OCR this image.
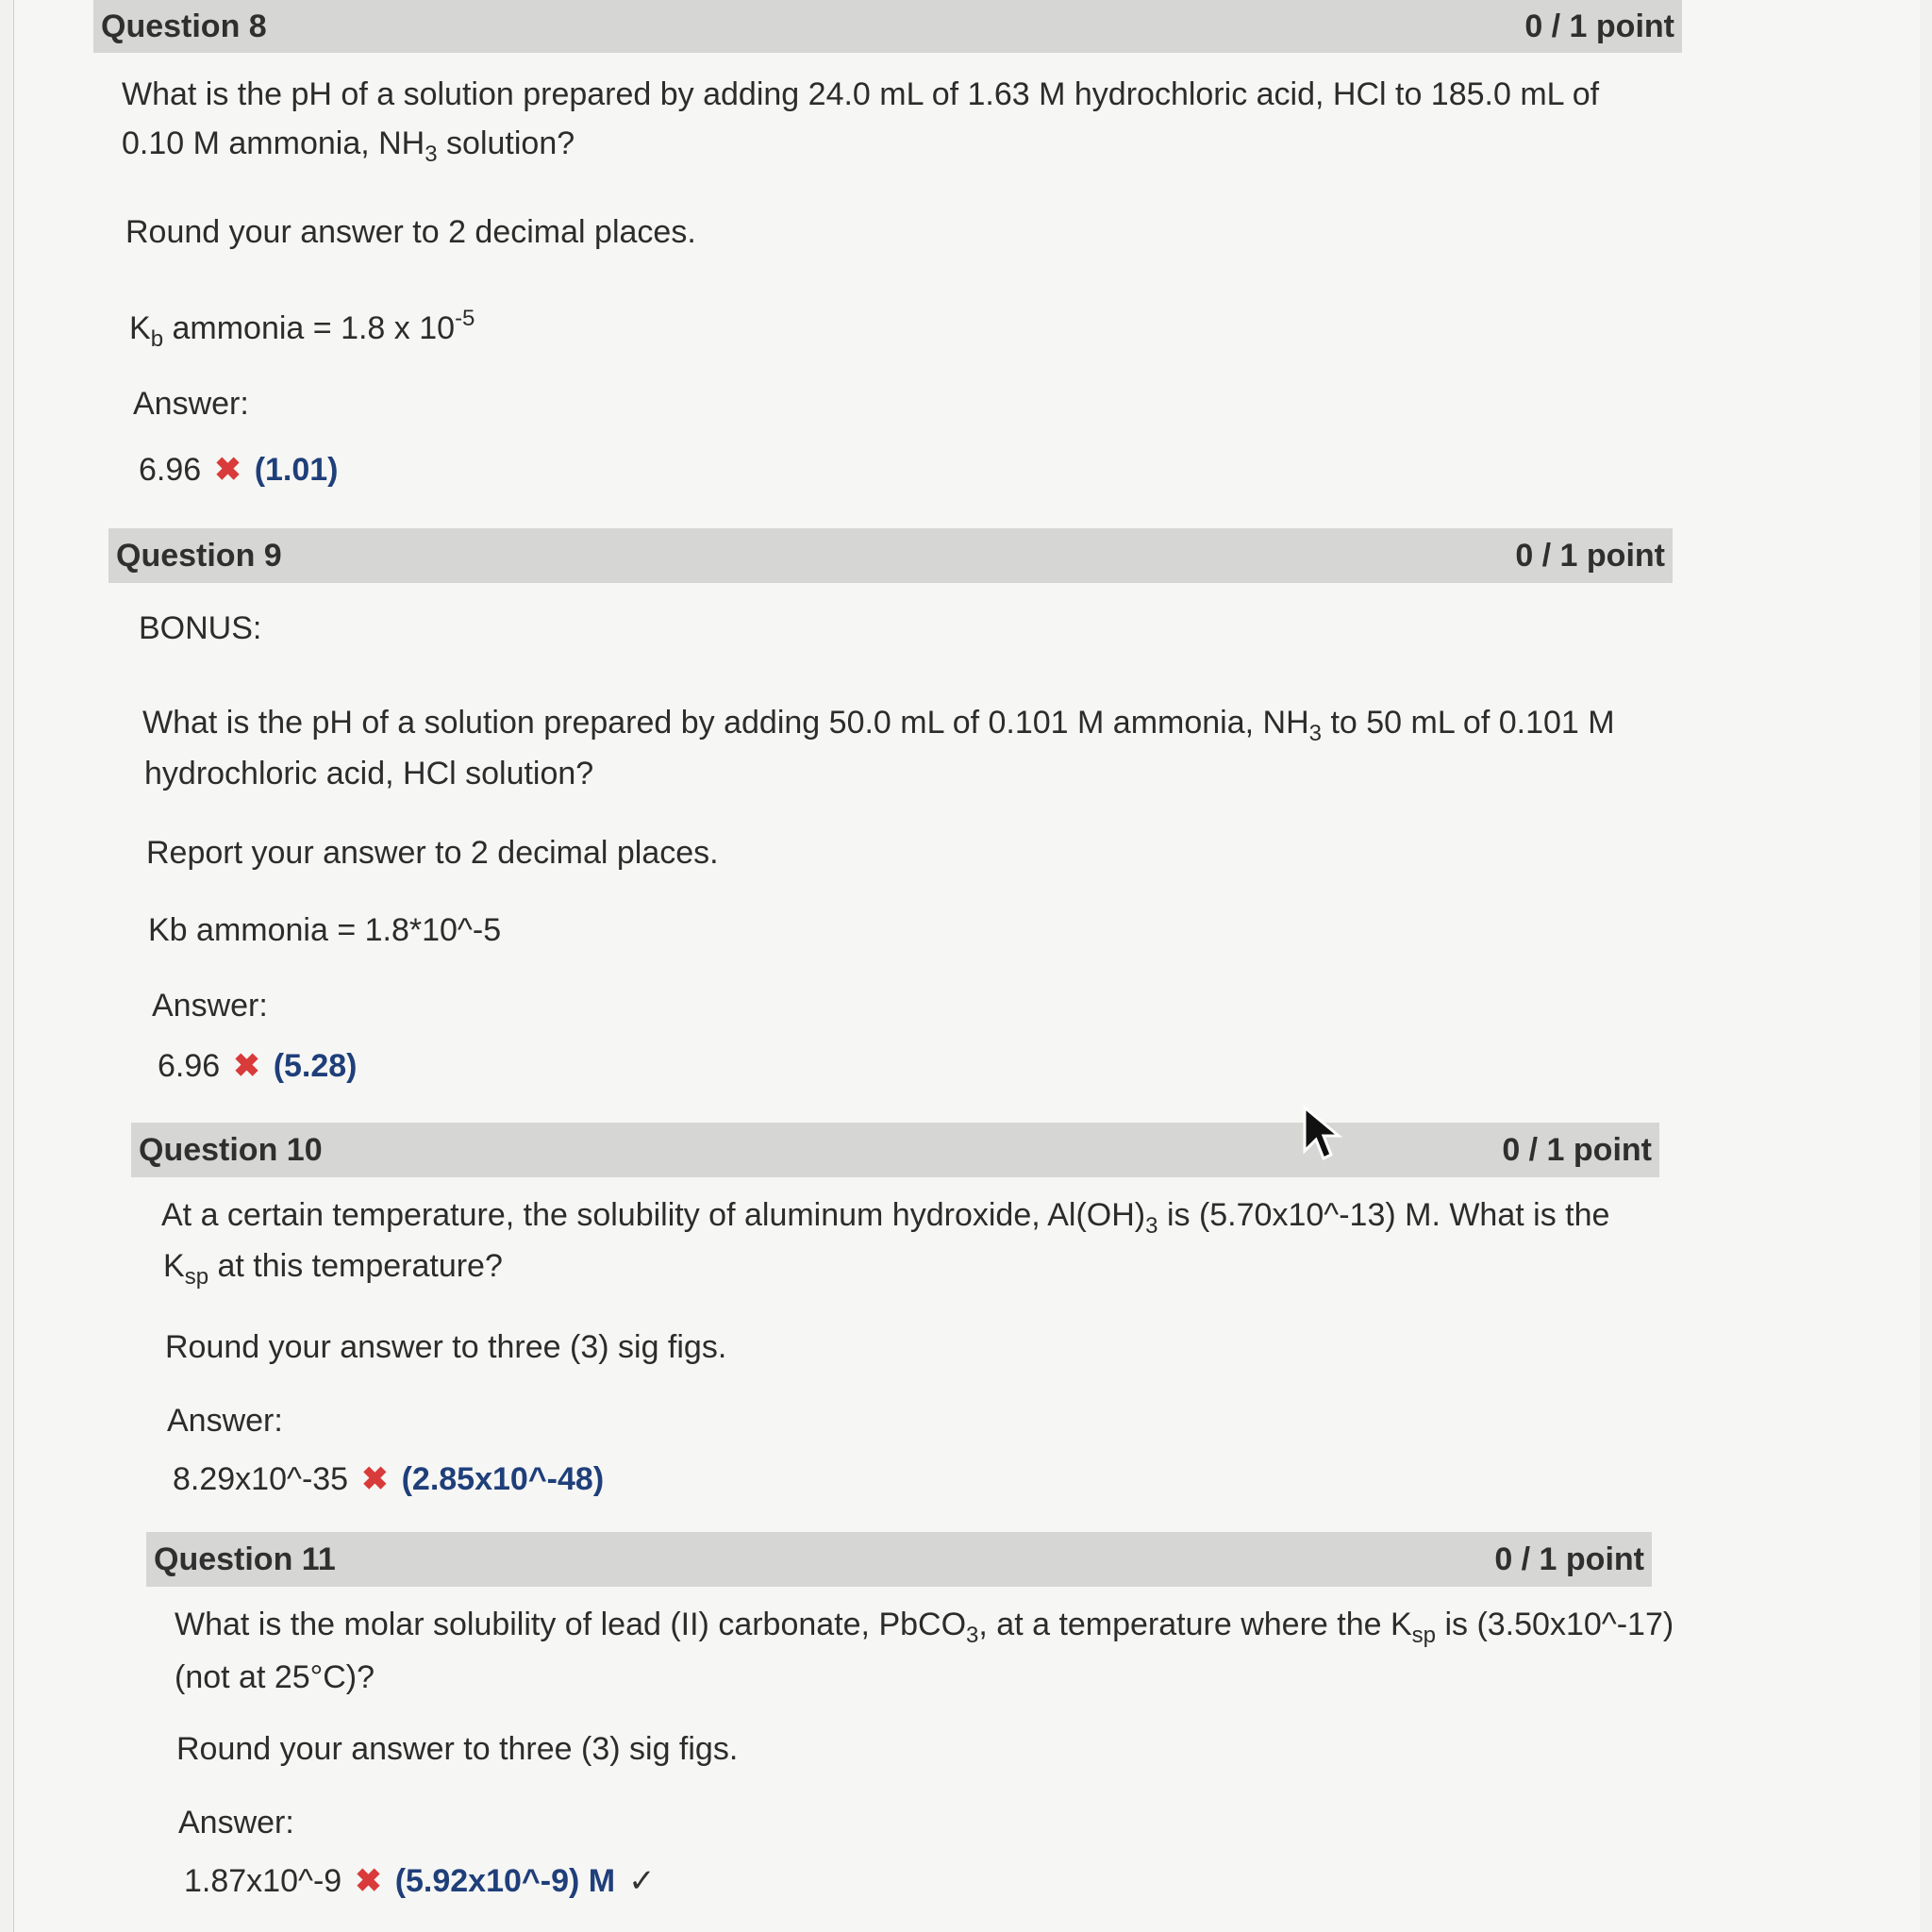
Question 8	0 / 1 point
What is the pH of a solution prepared by adding 24.0 mL of 1.63 M hydrochloric acid, HCl to 185.0 mL of
0.10 M ammonia, $NH_3$ solution?
Round your answer to 2 decimal places.
$K_b$ ammonia = 1.8 x $10^{-5}$
Answer:
6.96 ✖ (1.01)
Question 9	0 / 1 point
BONUS:
What is the pH of a solution prepared by adding 50.0 mL of 0.101 M ammonia, $NH_3$ to 50 mL of 0.101 M
hydrochloric acid, HCl solution?
Report your answer to 2 decimal places.
Kb ammonia = 1.8*10^-5
Answer:
6.96 ✖ (5.28)
Question 10	0 / 1 point
At a certain temperature, the solubility of aluminum hydroxide, $Al(OH)_3$ is (5.70x10^-13) M. What is the
$K_{sp}$ at this temperature?
Round your answer to three (3) sig figs.
Answer:
8.29x10^-35 ✖ (2.85x10^-48)
Question 11	0 / 1 point
What is the molar solubility of lead (II) carbonate, PbCO$_3$, at a temperature where the $K_{sp}$ is (3.50x10^-17)
(not at 25°C)?
Round your answer to three (3) sig figs.
Answer:
1.87x10^-9 ✖ (5.92x10^-9) M ✓
